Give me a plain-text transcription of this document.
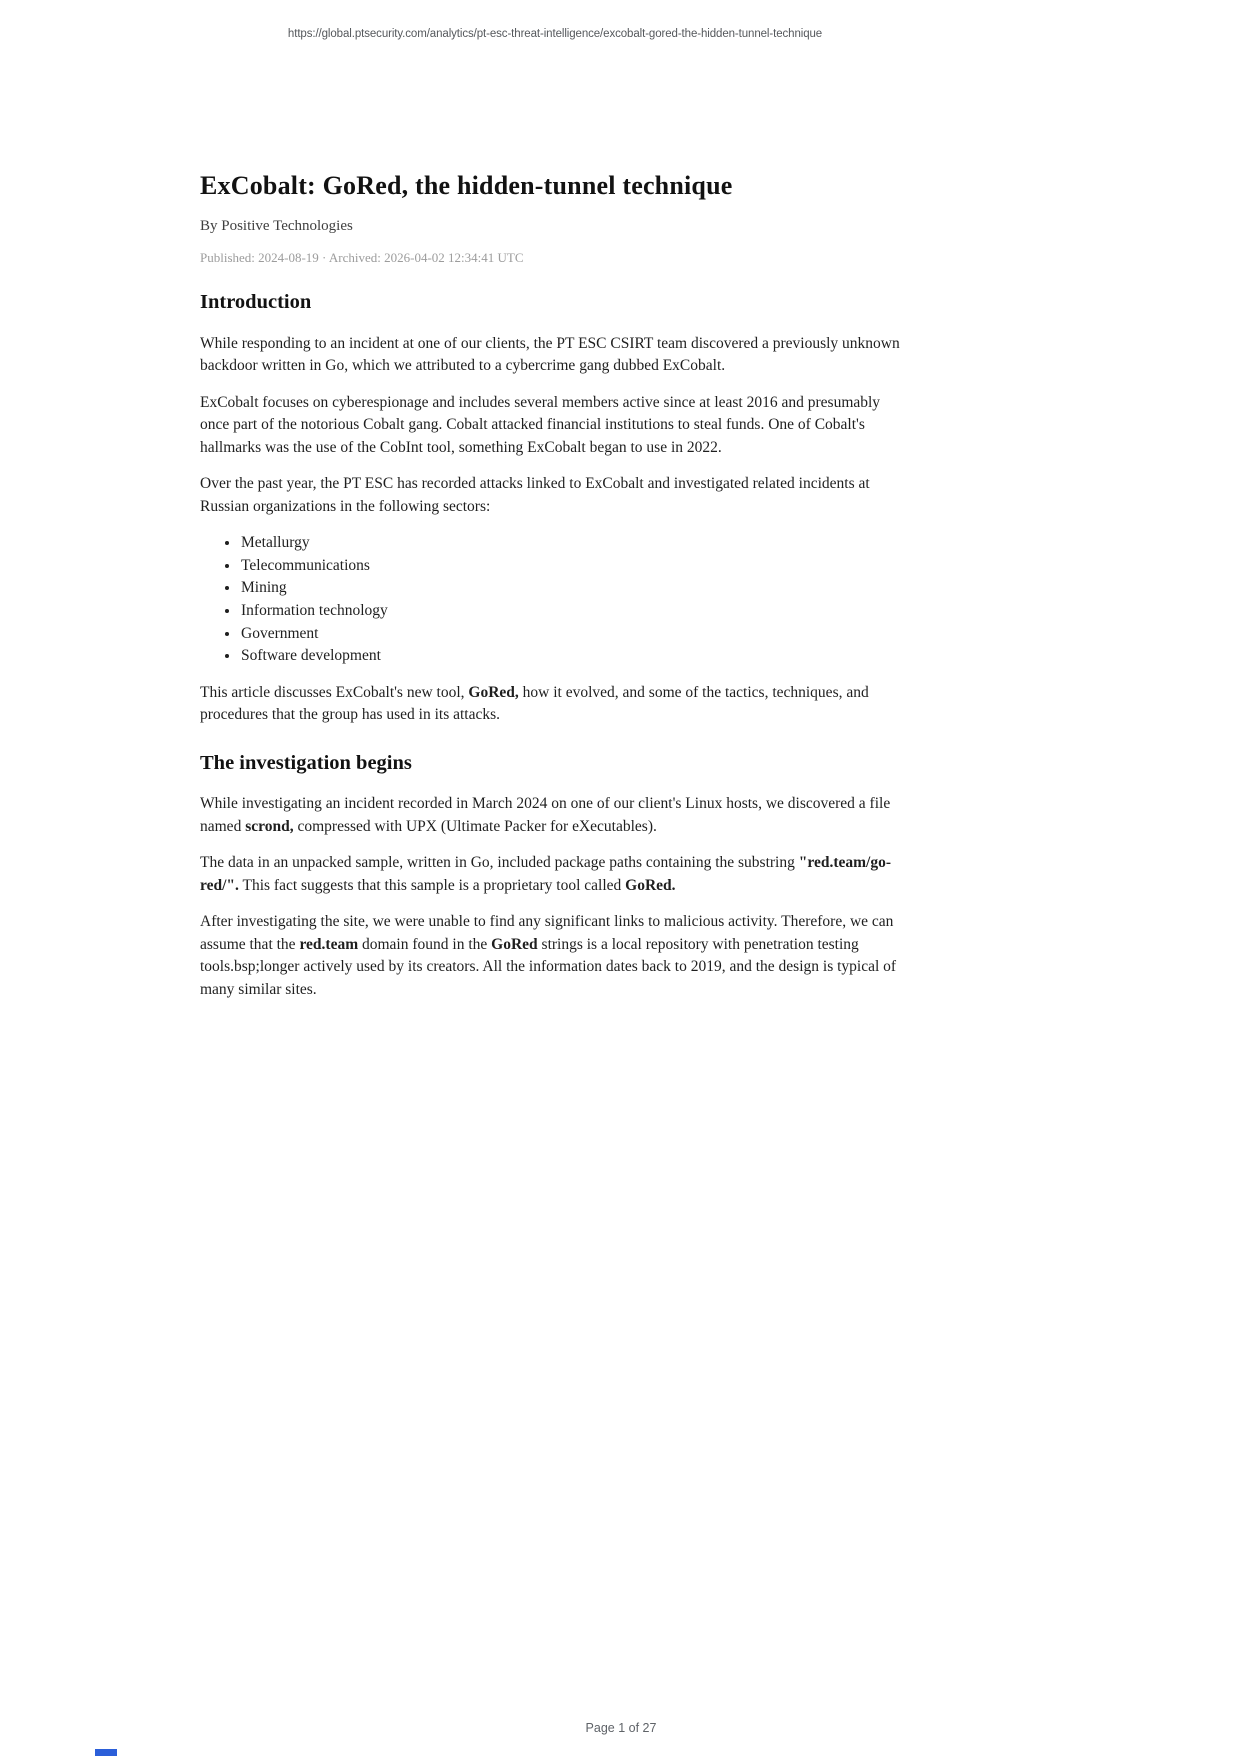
https://global.ptsecurity.com/analytics/pt-esc-threat-intelligence/excobalt-gored-the-hidden-tunnel-technique
ExCobalt: GoRed, the hidden-tunnel technique

By Positive Technologies

Published: 2024-08-19 · Archived: 2026-04-02 12:34:41 UTC

Introduction

While responding to an incident at one of our clients, the PT ESC CSIRT team discovered a previously unknown backdoor written in Go, which we attributed to a cybercrime gang dubbed ExCobalt.

ExCobalt focuses on cyberespionage and includes several members active since at least 2016 and presumably once part of the notorious Cobalt gang. Cobalt attacked financial institutions to steal funds. One of Cobalt's hallmarks was the use of the CobInt tool, something ExCobalt began to use in 2022.

Over the past year, the PT ESC has recorded attacks linked to ExCobalt and investigated related incidents at Russian organizations in the following sectors:

• Metallurgy
• Telecommunications
• Mining
• Information technology
• Government
• Software development

This article discusses ExCobalt's new tool, GoRed, how it evolved, and some of the tactics, techniques, and procedures that the group has used in its attacks.

The investigation begins

While investigating an incident recorded in March 2024 on one of our client's Linux hosts, we discovered a file named scrond, compressed with UPX (Ultimate Packer for eXecutables).

The data in an unpacked sample, written in Go, included package paths containing the substring "red.team/go-red/". This fact suggests that this sample is a proprietary tool called GoRed.

After investigating the site, we were unable to find any significant links to malicious activity. Therefore, we can assume that the red.team domain found in the GoRed strings is a local repository with penetration testing tools.bsp;longer actively used by its creators. All the information dates back to 2019, and the design is typical of many similar sites.

Page 1 of 27
